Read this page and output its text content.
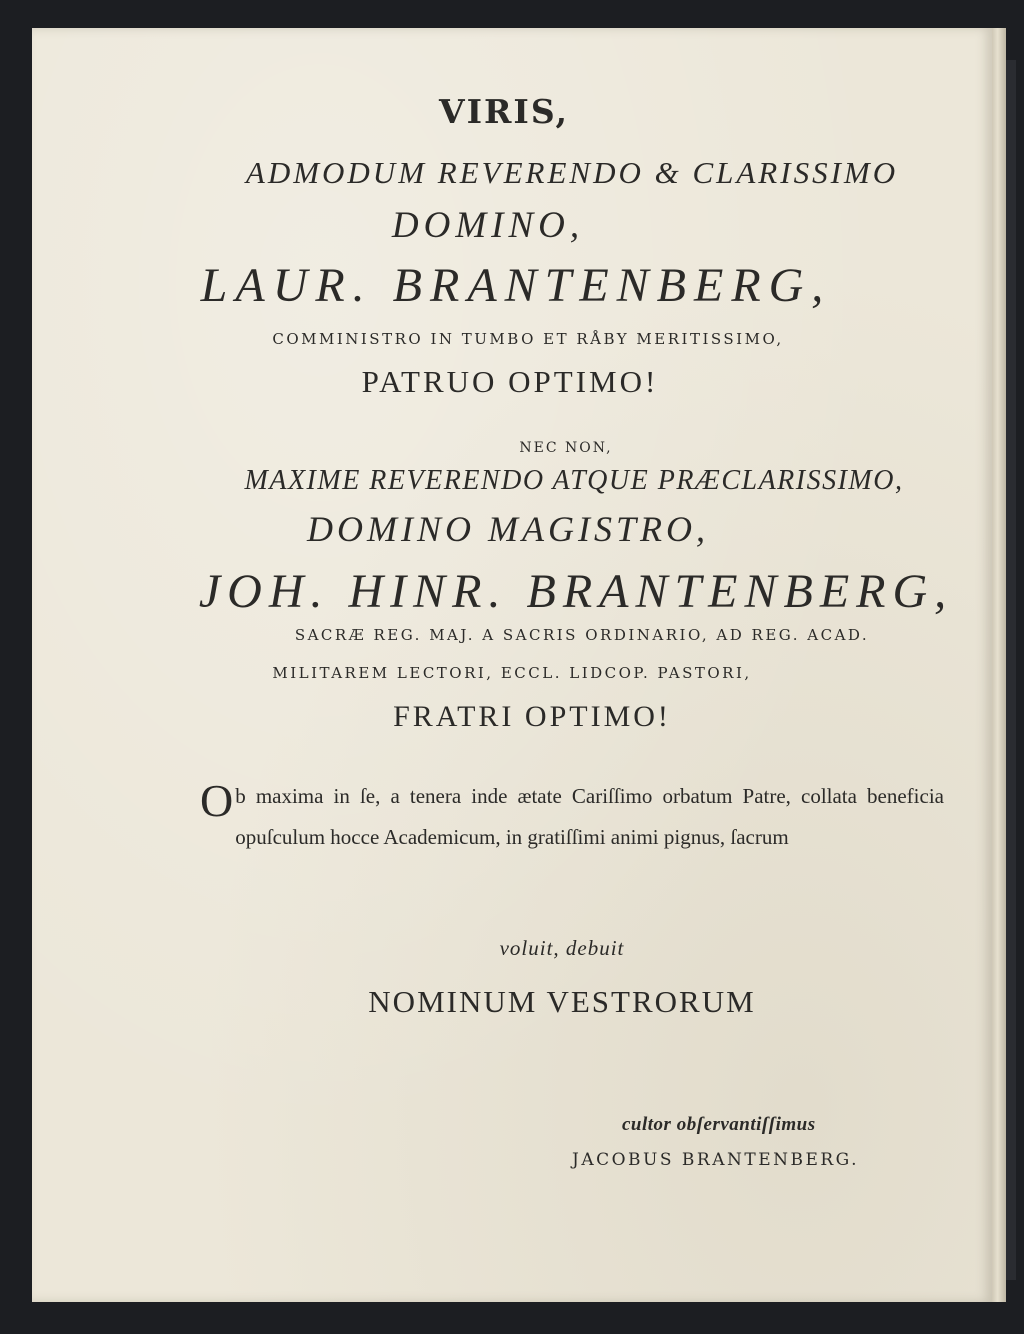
VIRIS,

ADMODUM REVERENDO & CLARISSIMO

DOMINO,

LAUR. BRANTENBERG,

COMMINISTRO IN TUMBO ET RÅBY MERITISSIMO,

PATRUO OPTIMO!

NEC NON,

MAXIME REVERENDO ATQUE PRÆCLARISSIMO,

DOMINO MAGISTRO,

JOH. HINR. BRANTENBERG,

SACRÆ REG. MAJ. A SACRIS ORDINARIO, AD REG. ACAD.

MILITAREM LECTORI, ECCL. LIDCOP. PASTORI,

FRATRI OPTIMO!

Ob maxima in ſe, a tenera inde ætate Cariſſimo orbatum Patre, collata beneficia opuſculum hocce Academicum, in gratiſſimi animi pignus, ſacrum

voluit, debuit

NOMINUM VESTRORUM

cultor obſervantiſſimus

JACOBUS BRANTENBERG.
